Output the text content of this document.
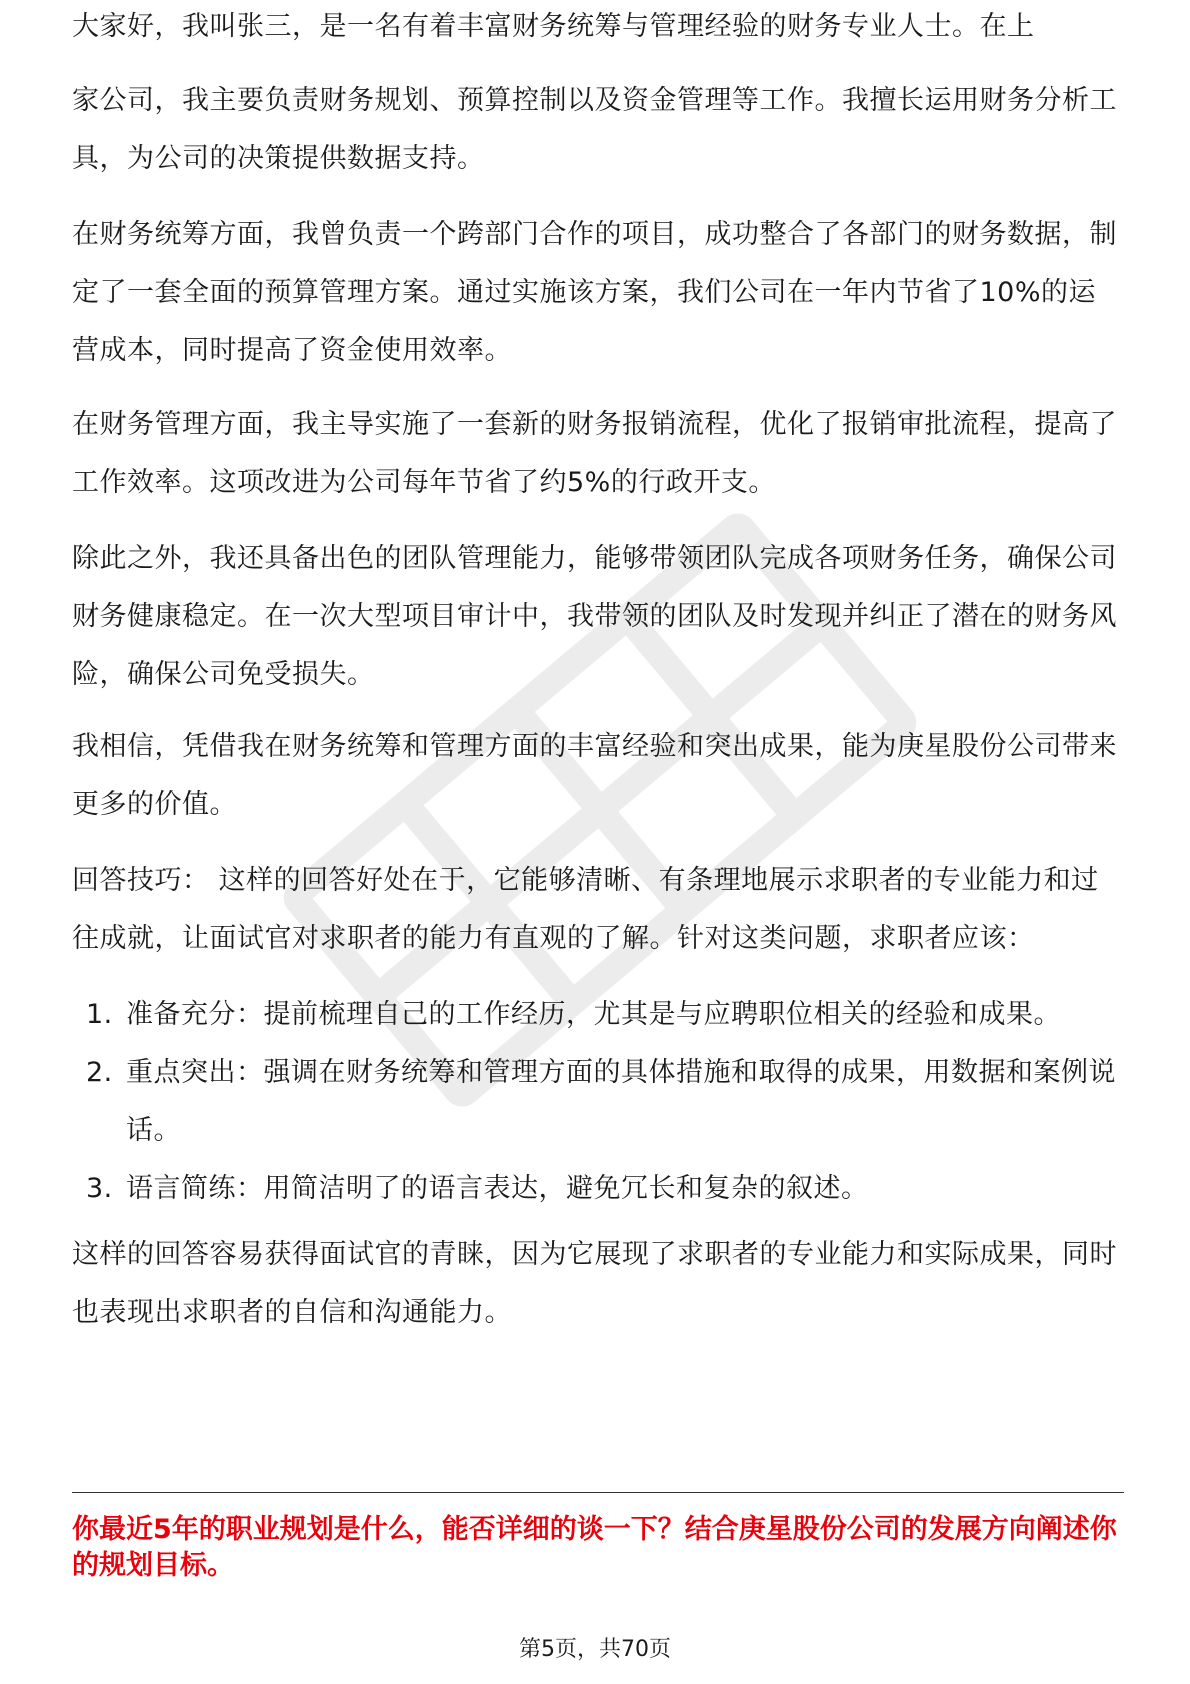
大家好，我叫张三，是一名有着丰富财务统筹与管理经验的财务专业人士。在上

家公司，我主要负责财务规划、预算控制以及资金管理等工作。我擅长运用财务分析工具，为公司的决策提供数据支持。

在财务统筹方面，我曾负责一个跨部门合作的项目，成功整合了各部门的财务数据，制定了一套全面的预算管理方案。通过实施该方案，我们公司在一年内节省了10%的运营成本，同时提高了资金使用效率。

在财务管理方面，我主导实施了一套新的财务报销流程，优化了报销审批流程，提高了工作效率。这项改进为公司每年节省了约5%的行政开支。

除此之外，我还具备出色的团队管理能力，能够带领团队完成各项财务任务，确保公司财务健康稳定。在一次大型项目审计中，我带领的团队及时发现并纠正了潜在的财务风险，确保公司免受损失。

我相信，凭借我在财务统筹和管理方面的丰富经验和突出成果，能为庚星股份公司带来更多的价值。

回答技巧： 这样的回答好处在于，它能够清晰、有条理地展示求职者的专业能力和过往成就，让面试官对求职者的能力有直观的了解。针对这类问题，求职者应该：

1. 准备充分：提前梳理自己的工作经历，尤其是与应聘职位相关的经验和成果。
2. 重点突出：强调在财务统筹和管理方面的具体措施和取得的成果，用数据和案例说话。
3. 语言简练：用简洁明了的语言表达，避免冗长和复杂的叙述。

这样的回答容易获得面试官的青睐，因为它展现了求职者的专业能力和实际成果，同时也表现出求职者的自信和沟通能力。

你最近5年的职业规划是什么，能否详细的谈一下？结合庚星股份公司的发展方向阐述你的规划目标。

第5页，共70页
